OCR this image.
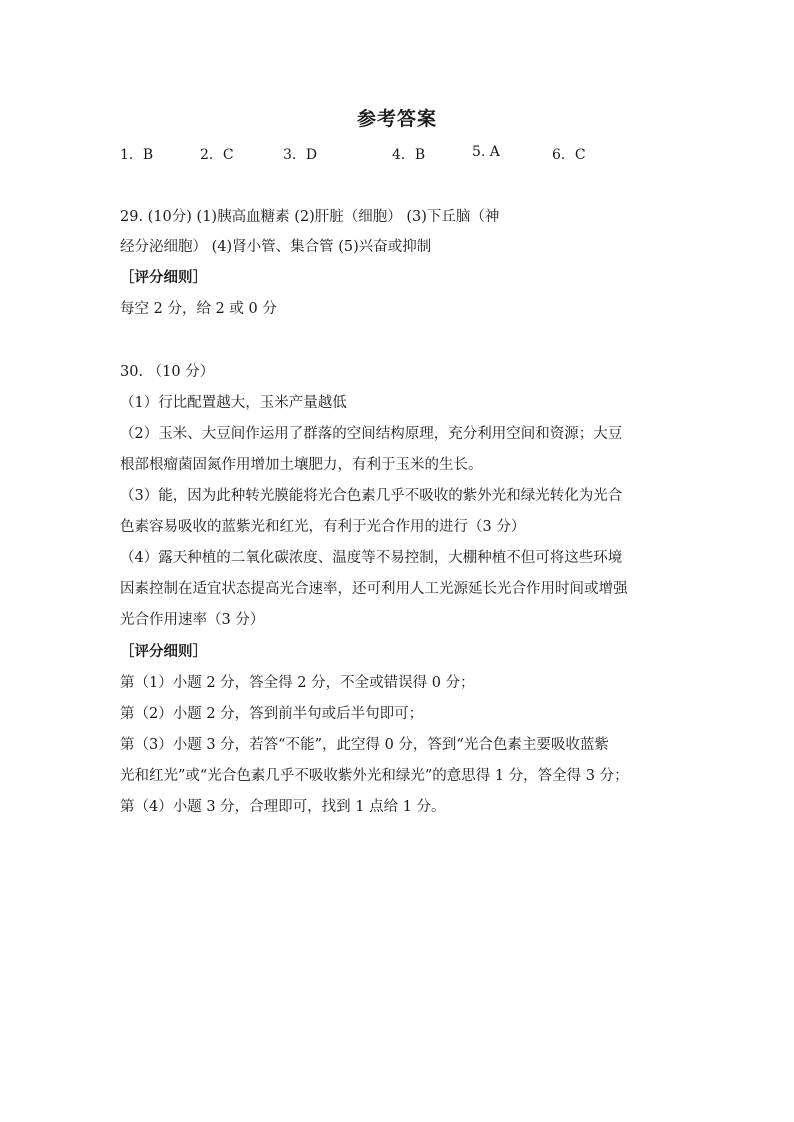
参考答案
1．B	2．C	3．D	4．B	5. A	6．C
29. (10分) (1)胰高血糖素 (2)肝脏（细胞） (3)下丘脑（神
经分泌细胞） (4)肾小管、集合管 (5)兴奋或抑制
［评分细则］
每空 2 分，给 2 或 0 分
30. （10 分）
（1）行比配置越大，玉米产量越低
（2）玉米、大豆间作运用了群落的空间结构原理，充分利用空间和资源；大豆
根部根瘤菌固氮作用增加土壤肥力，有利于玉米的生长。
（3）能，因为此种转光膜能将光合色素几乎不吸收的紫外光和绿光转化为光合
色素容易吸收的蓝紫光和红光，有利于光合作用的进行（3 分）
（4）露天种植的二氧化碳浓度、温度等不易控制，大棚种植不但可将这些环境
因素控制在适宜状态提高光合速率，还可利用人工光源延长光合作用时间或增强
光合作用速率（3 分）
［评分细则］
第（1）小题 2 分，答全得 2 分，不全或错误得 0 分；
第（2）小题 2 分，答到前半句或后半句即可；
第（3）小题 3 分，若答“不能”，此空得 0 分，答到“光合色素主要吸收蓝紫
光和红光”或“光合色素几乎不吸收紫外光和绿光”的意思得 1 分，答全得 3 分；
第（4）小题 3 分，合理即可，找到 1 点给 1 分。
